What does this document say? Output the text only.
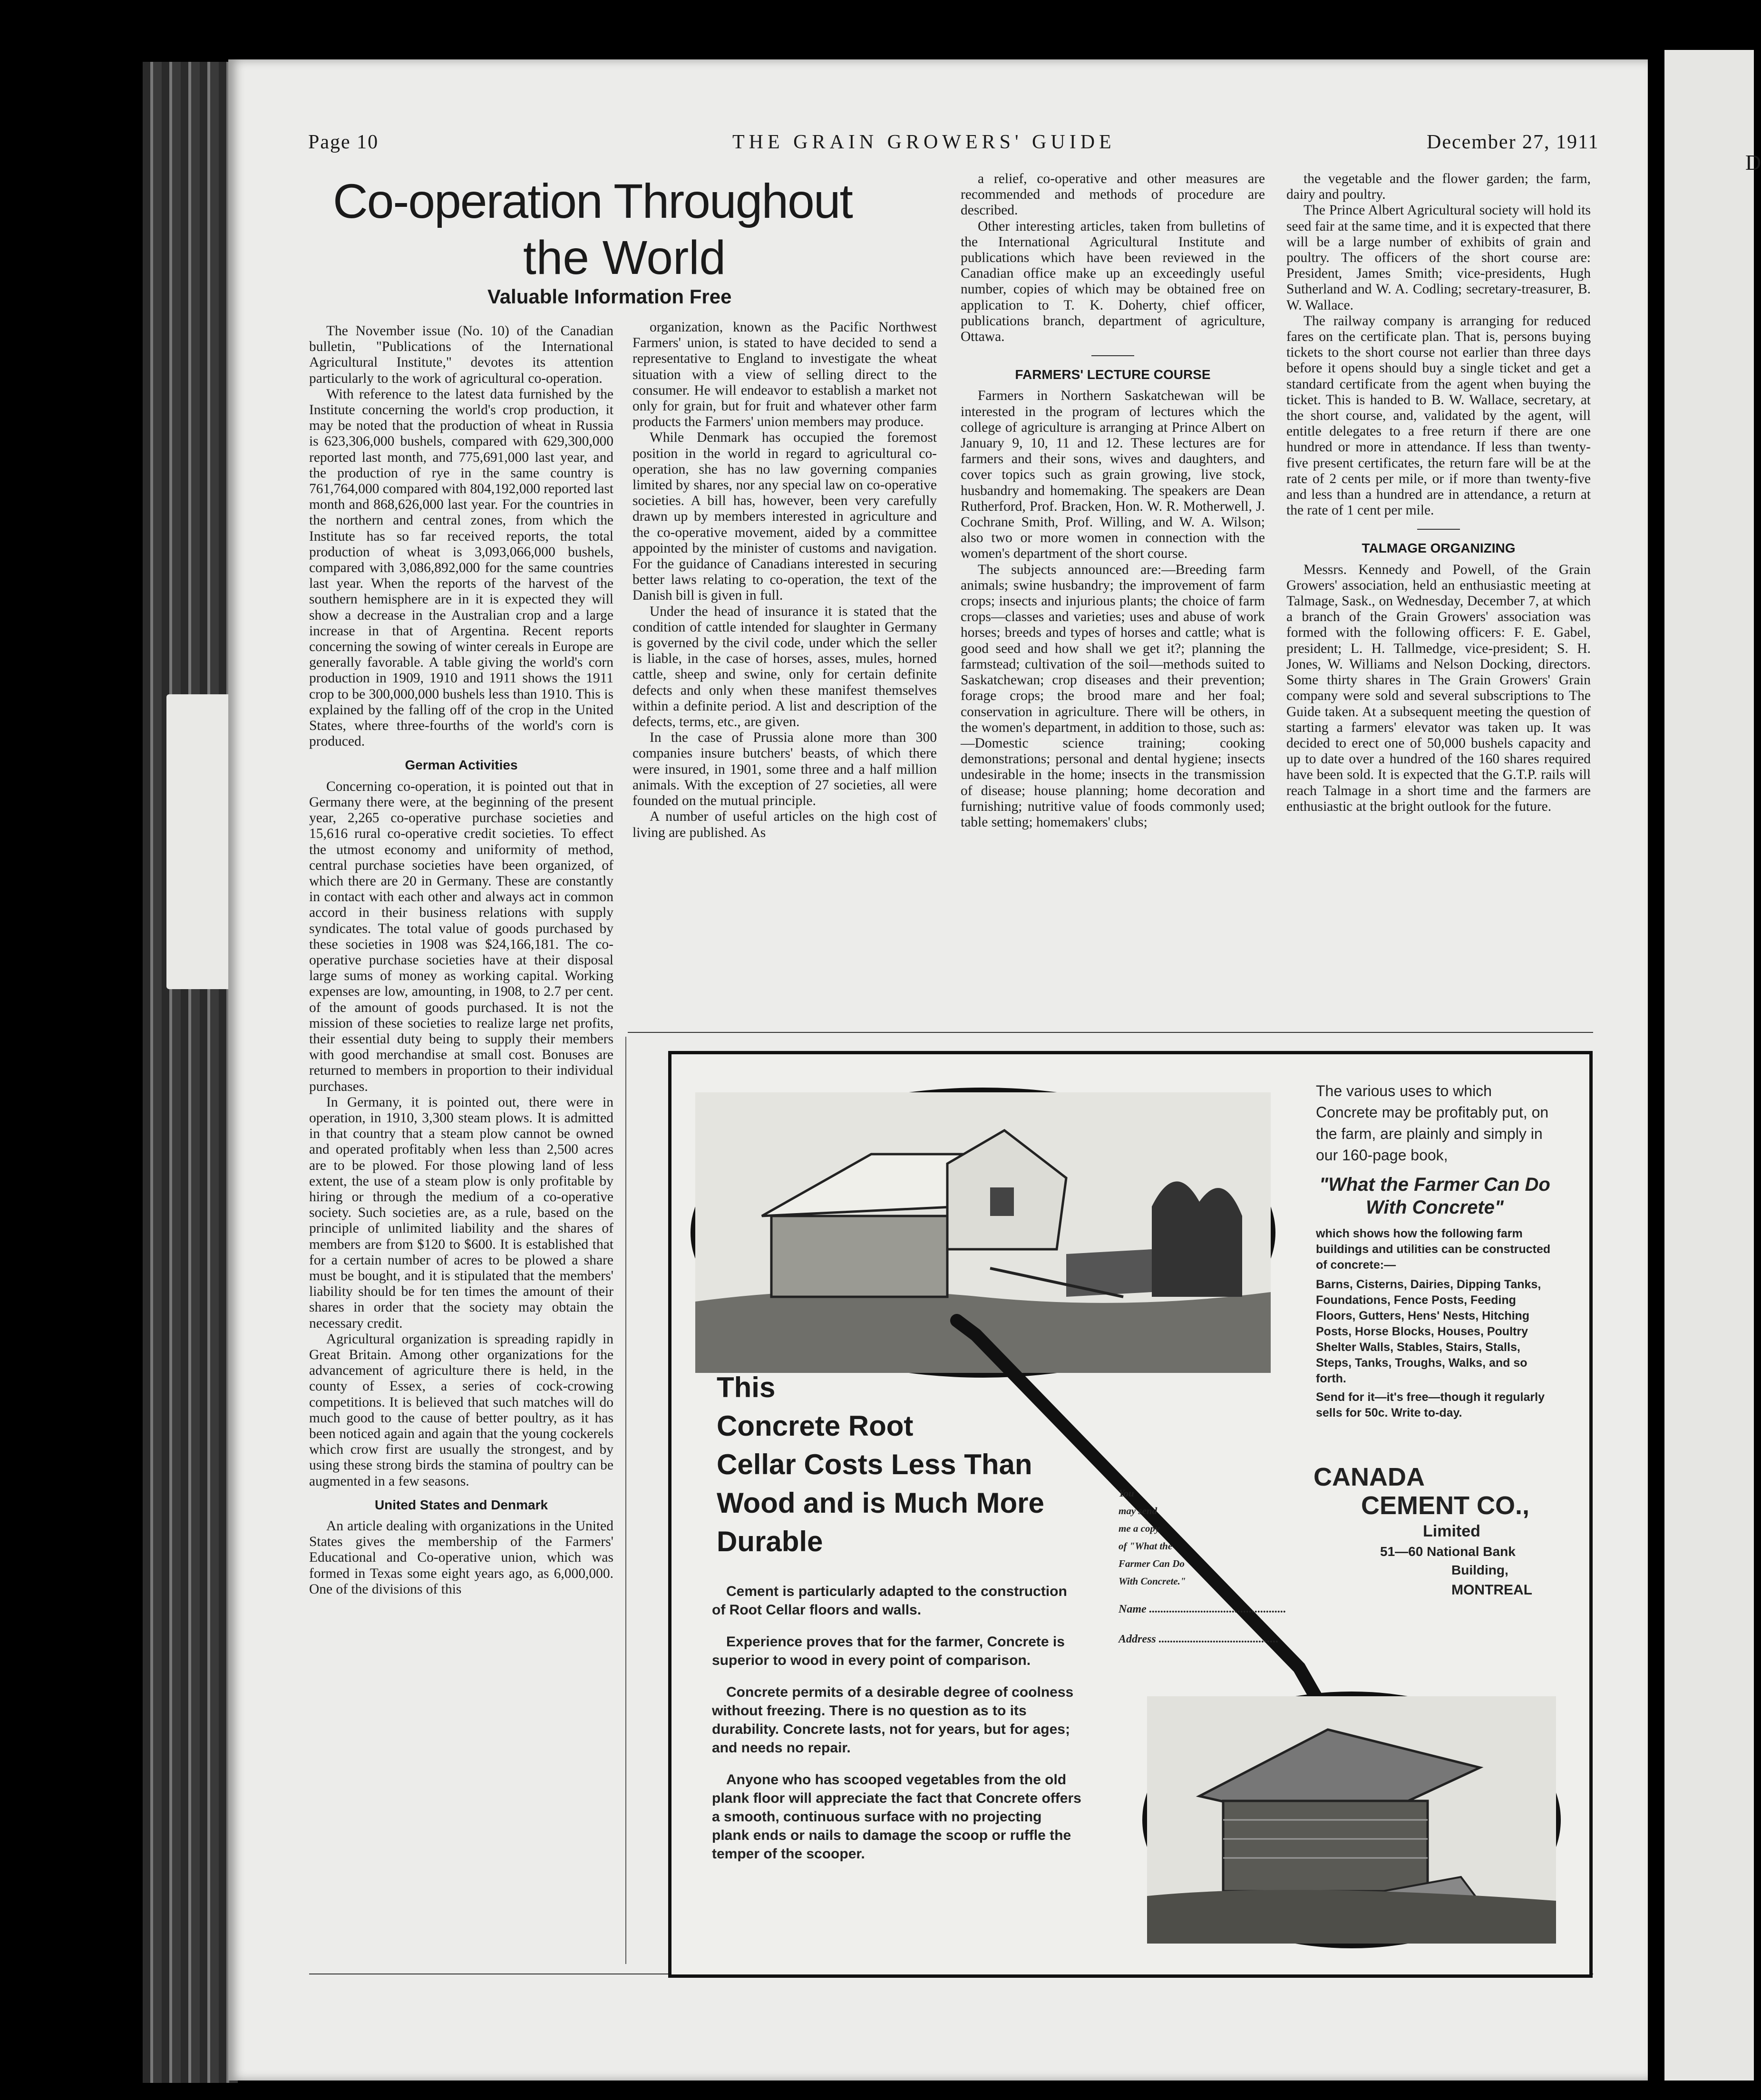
D
Page 10	THE GRAIN GROWERS' GUIDE	December 27, 1911
Co-operation Throughout
the World
Valuable Information Free

The November issue (No. 10) of the Canadian bulletin, "Publications of the International Agricultural Institute," devotes its attention particularly to the work of agricultural co-operation.

With reference to the latest data furnished by the Institute concerning the world's crop production, it may be noted that the production of wheat in Russia is 623,306,000 bushels, compared with 629,300,000 reported last month, and 775,691,000 last year, and the production of rye in the same country is 761,764,000 compared with 804,192,000 reported last month and 868,626,000 last year. For the countries in the northern and central zones, from which the Institute has so far received reports, the total production of wheat is 3,093,066,000 bushels, compared with 3,086,892,000 for the same countries last year. When the reports of the harvest of the southern hemisphere are in it is expected they will show a decrease in the Australian crop and a large increase in that of Argentina. Recent reports concerning the sowing of winter cereals in Europe are generally favorable. A table giving the world's corn production in 1909, 1910 and 1911 shows the 1911 crop to be 300,000,000 bushels less than 1910. This is explained by the falling off of the crop in the United States, where three-fourths of the world's corn is produced.

German Activities

Concerning co-operation, it is pointed out that in Germany there were, at the beginning of the present year, 2,265 co-operative purchase societies and 15,616 rural co-operative credit societies. To effect the utmost economy and uniformity of method, central purchase societies have been organized, of which there are 20 in Germany. These are constantly in contact with each other and always act in common accord in their business relations with supply syndicates. The total value of goods purchased by these societies in 1908 was $24,166,181. The co-operative purchase societies have at their disposal large sums of money as working capital. Working expenses are low, amounting, in 1908, to 2.7 per cent. of the amount of goods purchased. It is not the mission of these societies to realize large net profits, their essential duty being to supply their members with good merchandise at small cost. Bonuses are returned to members in proportion to their individual purchases.

In Germany, it is pointed out, there were in operation, in 1910, 3,300 steam plows. It is admitted in that country that a steam plow cannot be owned and operated profitably when less than 2,500 acres are to be plowed. For those plowing land of less extent, the use of a steam plow is only profitable by hiring or through the medium of a co-operative society. Such societies are, as a rule, based on the principle of unlimited liability and the shares of members are from $120 to $600. It is established that for a certain number of acres to be plowed a share must be bought, and it is stipulated that the members' liability should be for ten times the amount of their shares in order that the society may obtain the necessary credit.

Agricultural organization is spreading rapidly in Great Britain. Among other organizations for the advancement of agriculture there is held, in the county of Essex, a series of cock-crowing competitions. It is believed that such matches will do much good to the cause of better poultry, as it has been noticed again and again that the young cockerels which crow first are usually the strongest, and by using these strong birds the stamina of poultry can be augmented in a few seasons.

United States and Denmark

An article dealing with organizations in the United States gives the membership of the Farmers' Educational and Co-operative union, which was formed in Texas some eight years ago, as 6,000,000. One of the divisions of this

organization, known as the Pacific Northwest Farmers' union, is stated to have decided to send a representative to England to investigate the wheat situation with a view of selling direct to the consumer. He will endeavor to establish a market not only for grain, but for fruit and whatever other farm products the Farmers' union members may produce.

While Denmark has occupied the foremost position in the world in regard to agricultural co-operation, she has no law governing companies limited by shares, nor any special law on co-operative societies. A bill has, however, been very carefully drawn up by members interested in agriculture and the co-operative movement, aided by a committee appointed by the minister of customs and navigation. For the guidance of Canadians interested in securing better laws relating to co-operation, the text of the Danish bill is given in full.

Under the head of insurance it is stated that the condition of cattle intended for slaughter in Germany is governed by the civil code, under which the seller is liable, in the case of horses, asses, mules, horned cattle, sheep and swine, only for certain definite defects and only when these manifest themselves within a definite period. A list and description of the defects, terms, etc., are given.

In the case of Prussia alone more than 300 companies insure butchers' beasts, of which there were insured, in 1901, some three and a half million animals. With the exception of 27 societies, all were founded on the mutual principle.

A number of useful articles on the high cost of living are published. As

a relief, co-operative and other measures are recommended and methods of procedure are described.

Other interesting articles, taken from bulletins of the International Agricultural Institute and publications which have been reviewed in the Canadian office make up an exceedingly useful number, copies of which may be obtained free on application to T. K. Doherty, chief officer, publications branch, department of agriculture, Ottawa.

FARMERS' LECTURE COURSE

Farmers in Northern Saskatchewan will be interested in the program of lectures which the college of agriculture is arranging at Prince Albert on January 9, 10, 11 and 12. These lectures are for farmers and their sons, wives and daughters, and cover topics such as grain growing, live stock, husbandry and homemaking. The speakers are Dean Rutherford, Prof. Bracken, Hon. W. R. Motherwell, J. Cochrane Smith, Prof. Willing, and W. A. Wilson; also two or more women in connection with the women's department of the short course.

The subjects announced are:—Breeding farm animals; swine husbandry; the improvement of farm crops; insects and injurious plants; the choice of farm crops—classes and varieties; uses and abuse of work horses; breeds and types of horses and cattle; what is good seed and how shall we get it?; planning the farmstead; cultivation of the soil—methods suited to Saskatchewan; crop diseases and their prevention; forage crops; the brood mare and her foal; conservation in agriculture. There will be others, in the women's department, in addition to those, such as:—Domestic science training; cooking demonstrations; personal and dental hygiene; insects undesirable in the home; insects in the transmission of disease; house planning; home decoration and furnishing; nutritive value of foods commonly used; table setting; homemakers' clubs;

the vegetable and the flower garden; the farm, dairy and poultry.

The Prince Albert Agricultural society will hold its seed fair at the same time, and it is expected that there will be a large number of exhibits of grain and poultry. The officers of the short course are: President, James Smith; vice-presidents, Hugh Sutherland and W. A. Codling; secretary-treasurer, B. W. Wallace.

The railway company is arranging for reduced fares on the certificate plan. That is, persons buying tickets to the short course not earlier than three days before it opens should buy a single ticket and get a standard certificate from the agent when buying the ticket. This is handed to B. W. Wallace, secretary, at the short course, and, validated by the agent, will entitle delegates to a free return if there are one hundred or more in attendance. If less than twenty-five present certificates, the return fare will be at the rate of 2 cents per mile, or if more than twenty-five and less than a hundred are in attendance, a return at the rate of 1 cent per mile.

TALMAGE ORGANIZING

Messrs. Kennedy and Powell, of the Grain Growers' association, held an enthusiastic meeting at Talmage, Sask., on Wednesday, December 7, at which a branch of the Grain Growers' association was formed with the following officers: F. E. Gabel, president; L. H. Tallmedge, vice-president; S. H. Jones, W. Williams and Nelson Docking, directors. Some thirty shares in The Grain Growers' Grain company were sold and several subscriptions to The Guide taken. At a subsequent meeting the question of starting a farmers' elevator was taken up. It was decided to erect one of 50,000 bushels capacity and up to date over a hundred of the 160 shares required have been sold. It is expected that the G.T.P. rails will reach Talmage in a short time and the farmers are enthusiastic at the bright outlook for the future.

This
Concrete Root
Cellar Costs Less Than
Wood and is Much More
Durable

Cement is particularly adapted to the construction of Root Cellar floors and walls.

Experience proves that for the farmer, Concrete is superior to wood in every point of comparison.

Concrete permits of a desirable degree of coolness without freezing. There is no question as to its durability. Concrete lasts, not for years, but for ages; and needs no repair.

Anyone who has scooped vegetables from the old plank floor will appreciate the fact that Concrete offers a smooth, continuous surface with no projecting plank ends or nails to damage the scoop or ruffle the temper of the scooper.

The various uses to which Concrete may be profitably put, on the farm, are plainly and simply in our 160-page book,
"What the Farmer Can Do With Concrete"
which shows how the following farm buildings and utilities can be constructed of concrete:—
Barns, Cisterns, Dairies, Dipping Tanks, Foundations, Fence Posts, Feeding Floors, Gutters, Hens' Nests, Hitching Posts, Horse Blocks, Houses, Poultry Shelter Walls, Stables, Stairs, Stalls, Steps, Tanks, Troughs, Walks, and so forth.
Send for it—it's free—though it regularly sells for 50c. Write to-day.
CANADA
CEMENT CO.,
Limited
51—60 National Bank
Building,
MONTREAL
You
may send
me a copy
of "What the
Farmer Can Do
With Concrete."
Name ................................................
Address ..........................................
